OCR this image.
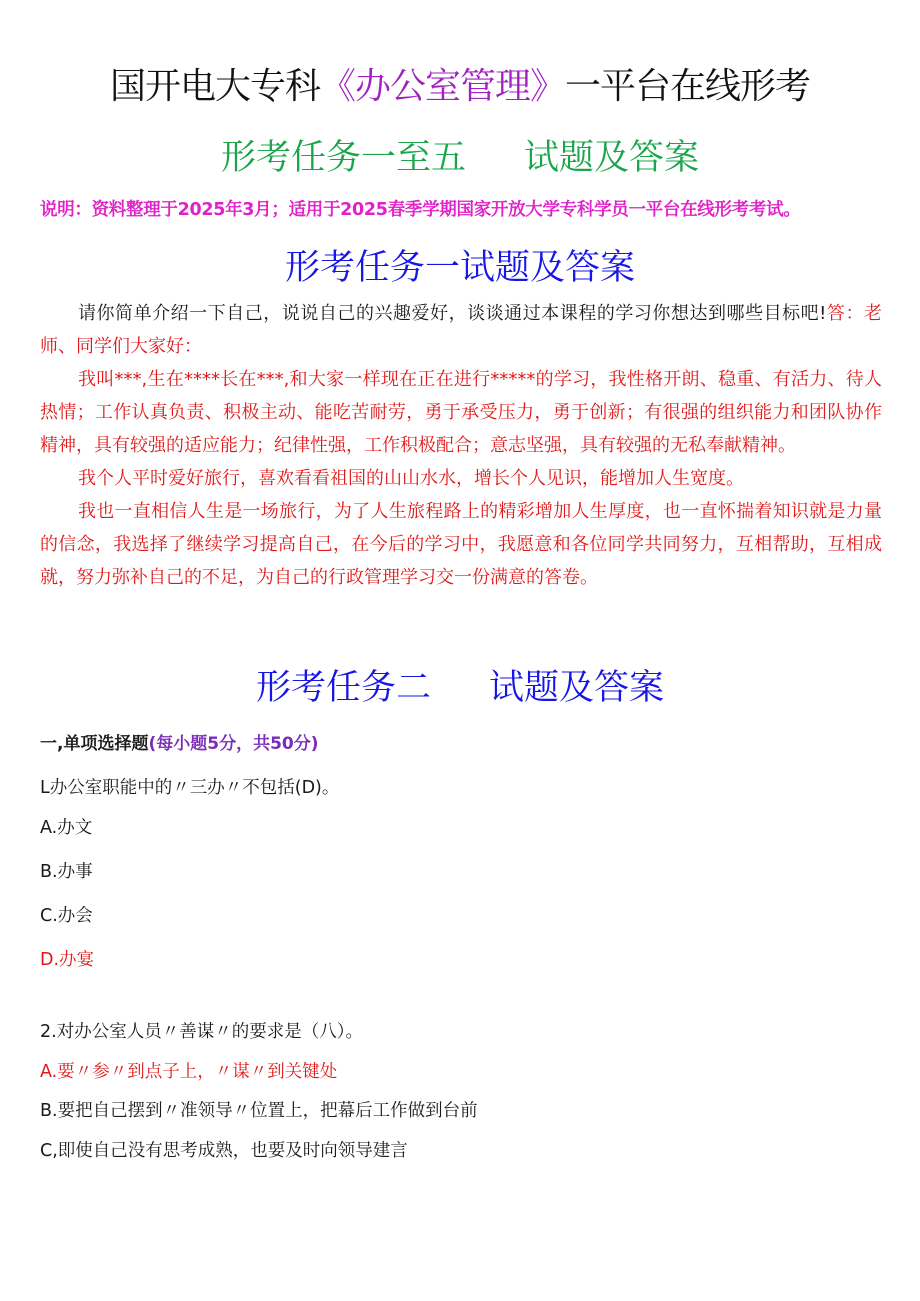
国开电大专科《办公室管理》一平台在线形考
形考任务一至五 试题及答案
说明：资料整理于2025年3月；适用于2025春季学期国家开放大学专科学员一平台在线形考考试。
形考任务一试题及答案
请你简单介绍一下自己，说说自己的兴趣爱好，谈谈通过本课程的学习你想达到哪些目标吧!答：老师、同学们大家好：
我叫***,生在****长在***,和大家一样现在正在进行*****的学习，我性格开朗、稳重、有活力、待人热情；工作认真负责、积极主动、能吃苦耐劳，勇于承受压力，勇于创新；有很强的组织能力和团队协作精神，具有较强的适应能力；纪律性强，工作积极配合；意志坚强，具有较强的无私奉献精神。
我个人平时爱好旅行，喜欢看看祖国的山山水水，增长个人见识，能增加人生宽度。
我也一直相信人生是一场旅行，为了人生旅程路上的精彩增加人生厚度，也一直怀揣着知识就是力量的信念，我选择了继续学习提高自己，在今后的学习中，我愿意和各位同学共同努力，互相帮助，互相成就，努力弥补自己的不足，为自己的行政管理学习交一份满意的答卷。
形考任务二 试题及答案
一,单项选择题(每小题5分，共50分)
L办公室职能中的〃三办〃不包括(D)。
A.办文
B.办事
C.办会
D.办宴
2.对办公室人员〃善谋〃的要求是（八）。
A.要〃参〃到点子上，〃谋〃到关键处
B.要把自己摆到〃准领导〃位置上，把幕后工作做到台前
C,即使自己没有思考成熟，也要及时向领导建言
